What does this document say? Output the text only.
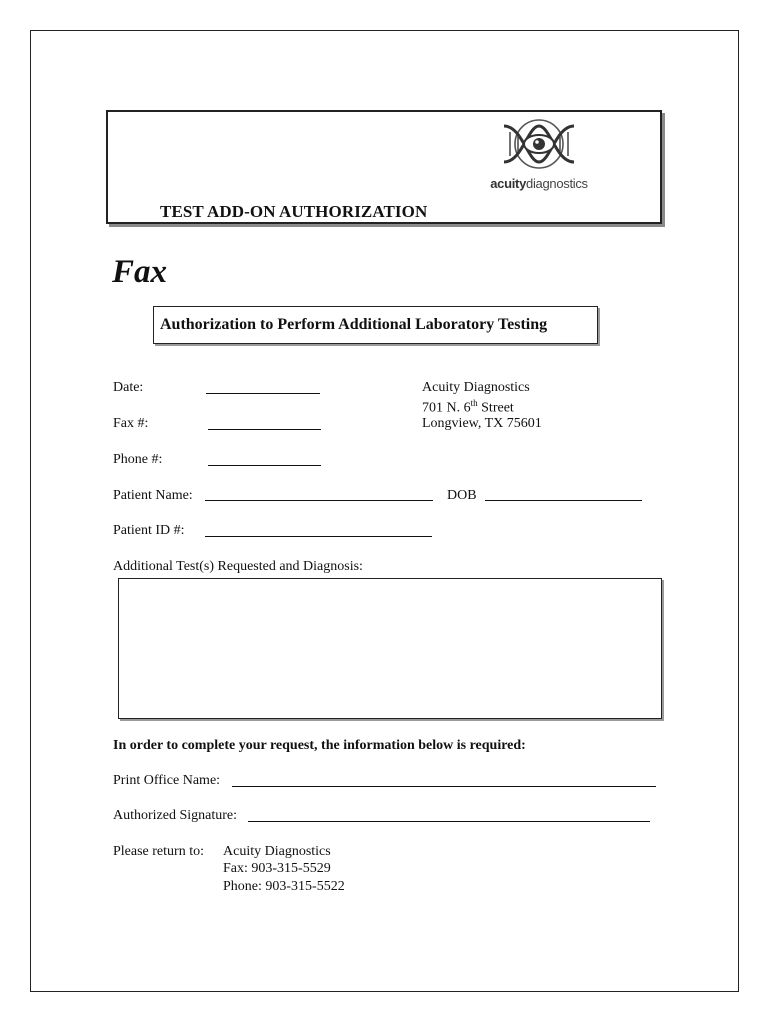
acuitydiagnostics
TEST ADD-ON AUTHORIZATION
Fax
Authorization to Perform Additional Laboratory Testing
Date:
Fax #:
Phone #:
Patient Name:	DOB
Patient ID #:
Acuity Diagnostics
701 N. 6th Street
Longview, TX 75601
Additional Test(s) Requested and Diagnosis:
In order to complete your request, the information below is required:
Print Office Name:
Authorized Signature:
Please return to: Acuity Diagnostics
Fax: 903-315-5529
Phone: 903-315-5522
